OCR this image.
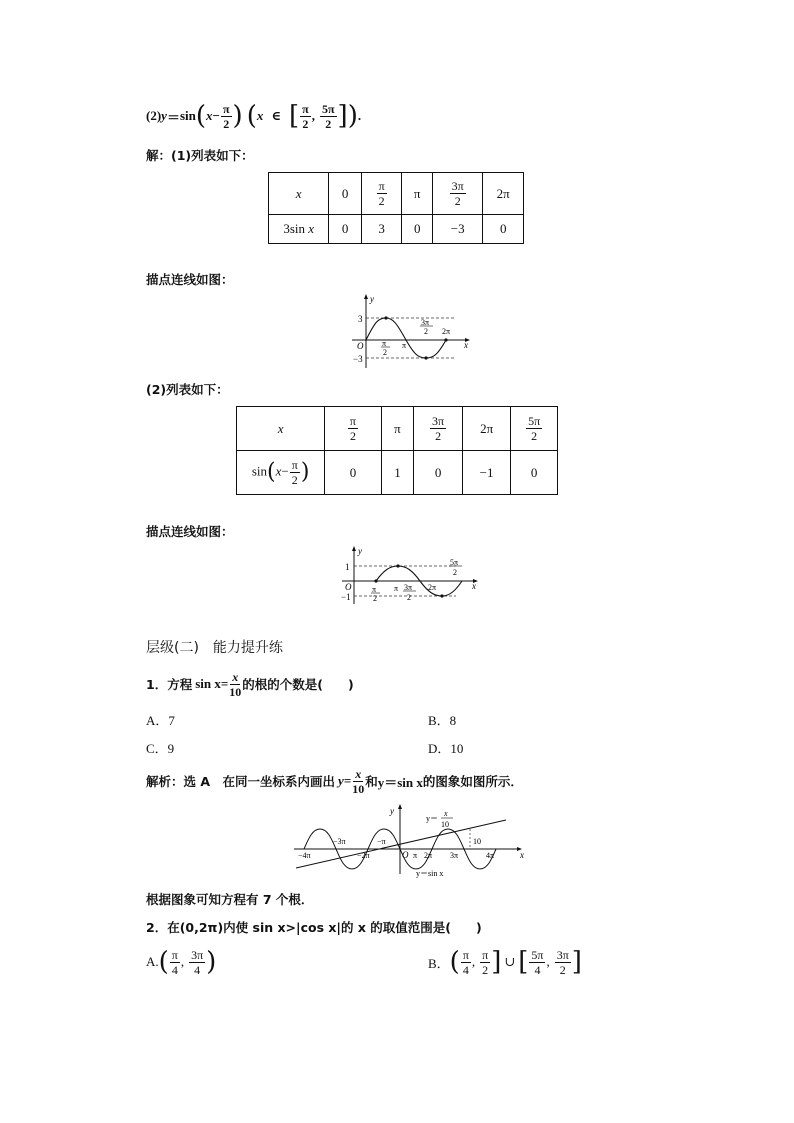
(2) y ＝ sin ( $x - \frac{\pi}{2}$ ) ( x ∈ [ $\frac{\pi}{2}$ , $\frac{5\pi}{2}$ ] ) .
解：(1)列表如下：
x	0	$\frac{\pi}{2}$	π	$\frac{3\pi}{2}$	2π
3sin x	0	3	0	−3	0
描点连线如图：
y
x
O
3
−3
π
2
π
3π
2 2π
(2)列表如下：
x	$\frac{\pi}{2}$	π	$\frac{3\pi}{2}$	2π	$\frac{5\pi}{2}$

$\sin(x- \frac{\pi}{2}$ )	0	1	0	−1	0
描点连线如图：
y
x
O
1
−1
π
2
π 3π
2
2π
5π
2
层级(二)　能力提升练
1．方程 $\sin x = \frac{x}{10}$ 的根的个数是(　　)
A．7	B．8
C．9	D．10
解析：选 A　在同一坐标系内画出 $y = \frac{x}{10}$ 和 y＝sin x 的图象如图所示．
y
x
O
−4π
−3π
−2π
−π
π 2π 3π	4π
y＝
x
10
10
y＝sin x
根据图象可知方程有 7 个根．
2．在(0,2π)内使 sin x>|cos x|的 x 的取值范围是(　　)
A. ( $\frac{\pi}{4}$ , $\frac{3\pi}{4}$ )	B． ( $\frac{\pi}{4}$ , $\frac{\pi}{2}$ ] ∪ [ $\frac{5\pi}{4}$ , $\frac{3\pi}{2}$ ]
